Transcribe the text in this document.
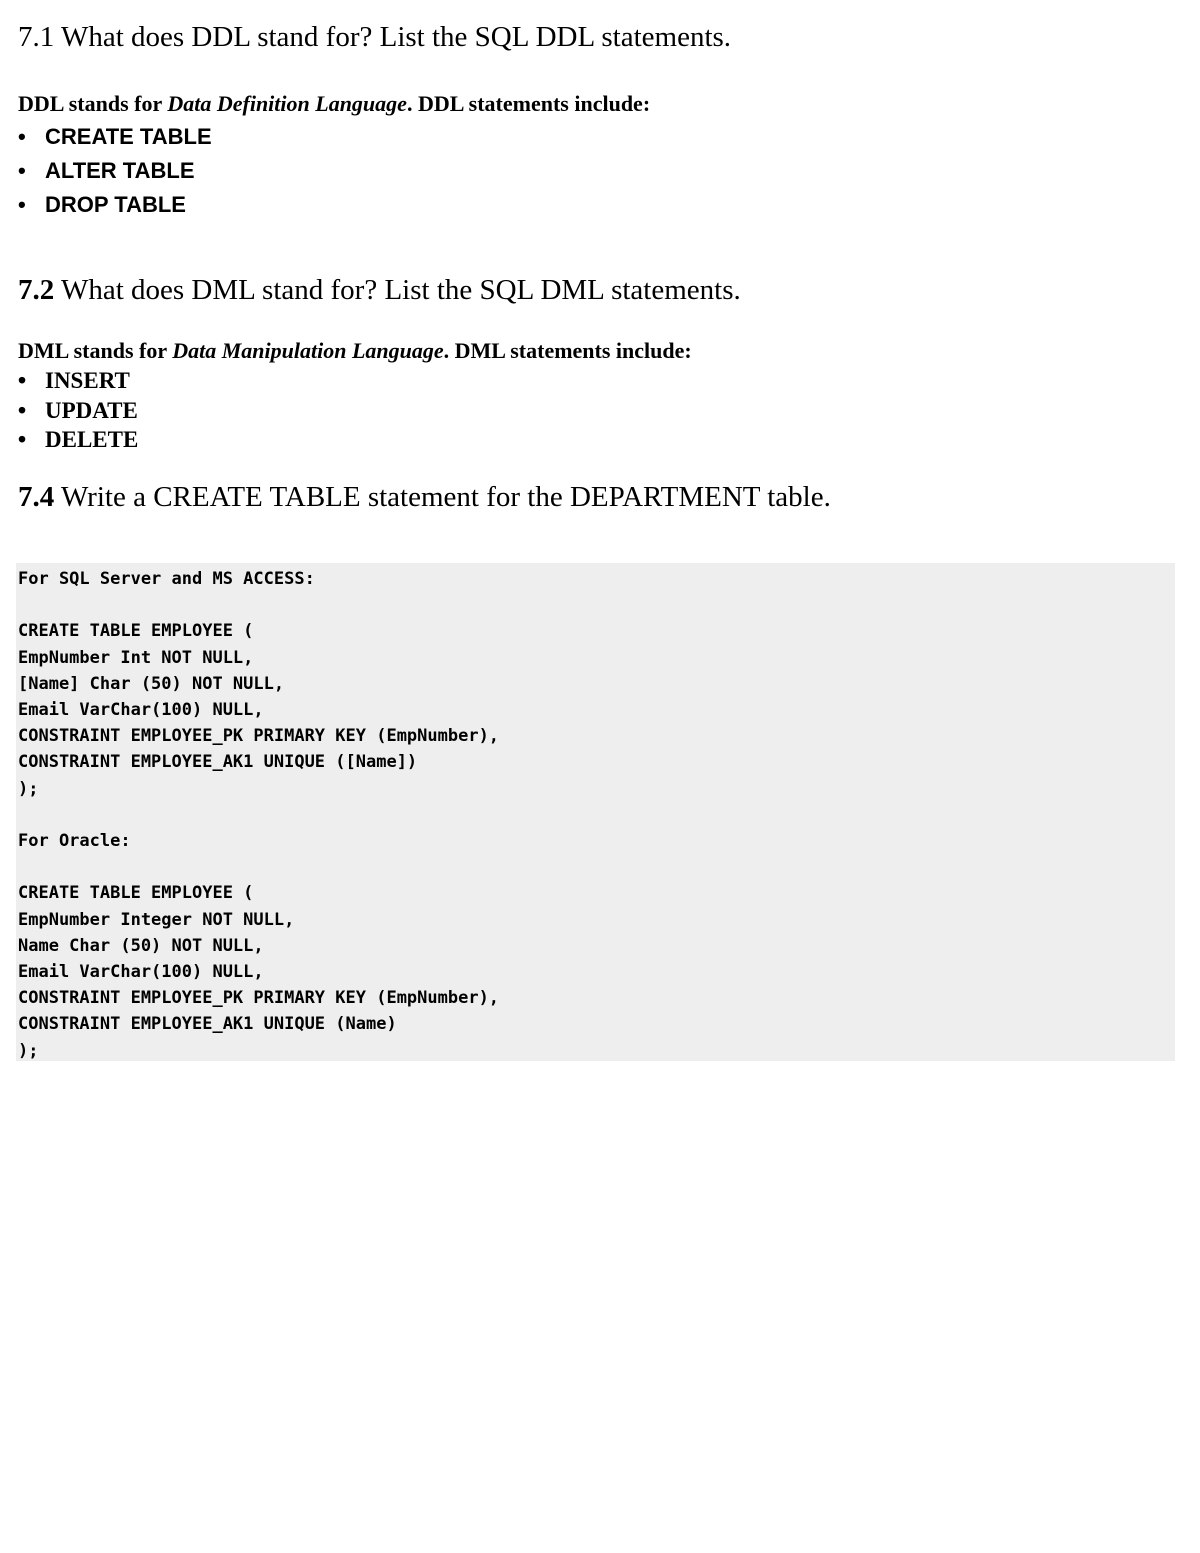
7.1 What does DDL stand for? List the SQL DDL statements.

DDL stands for Data Definition Language. DDL statements include:

• CREATE TABLE
• ALTER TABLE
• DROP TABLE
7.2 What does DML stand for? List the SQL DML statements.

DML stands for Data Manipulation Language. DML statements include:

• INSERT
• UPDATE
• DELETE
7.4 Write a CREATE TABLE statement for the DEPARTMENT table.
For SQL Server and MS ACCESS:

CREATE TABLE EMPLOYEE (
EmpNumber Int NOT NULL,
[Name] Char (50) NOT NULL,
Email VarChar(100) NULL,
CONSTRAINT EMPLOYEE_PK PRIMARY KEY (EmpNumber),
CONSTRAINT EMPLOYEE_AK1 UNIQUE ([Name])
);

For Oracle:

CREATE TABLE EMPLOYEE (
EmpNumber Integer NOT NULL,
Name Char (50) NOT NULL,
Email VarChar(100) NULL,
CONSTRAINT EMPLOYEE_PK PRIMARY KEY (EmpNumber),
CONSTRAINT EMPLOYEE_AK1 UNIQUE (Name)
);
